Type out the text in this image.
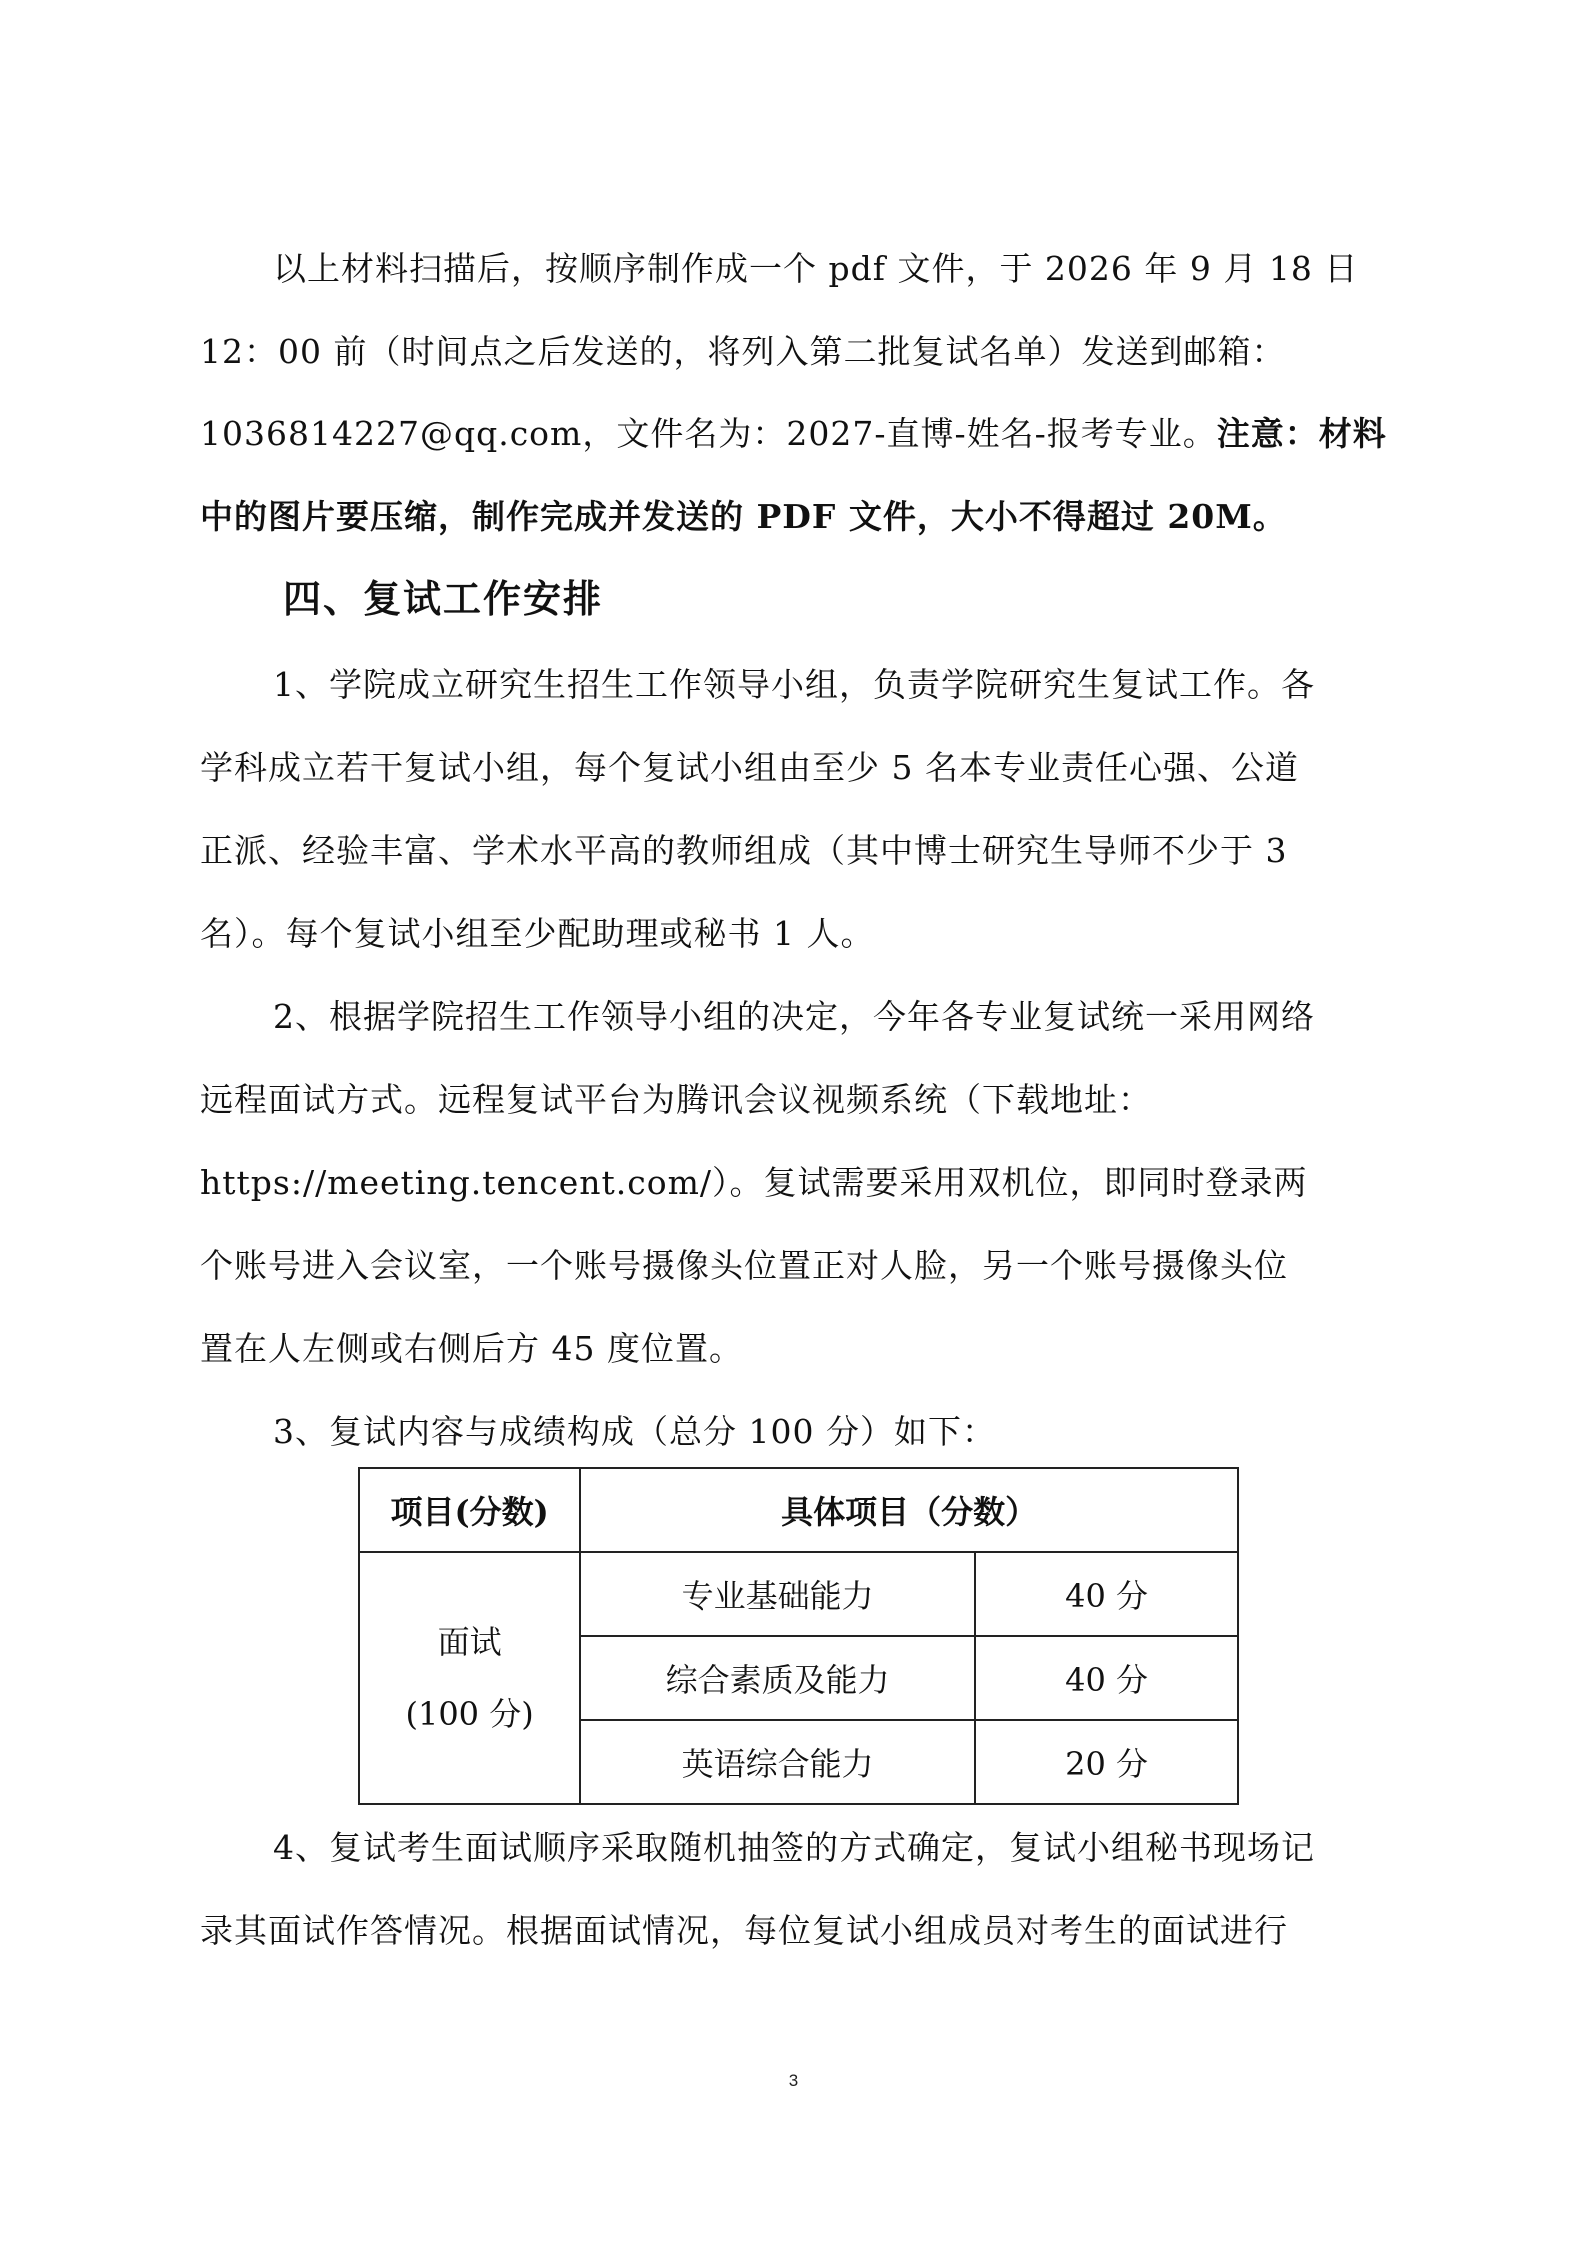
以上材料扫描后，按顺序制作成一个 pdf 文件，于 2026 年 9 月 18 日
12：00 前（时间点之后发送的，将列入第二批复试名单）发送到邮箱：
1036814227@qq.com，文件名为：2027-直博-姓名-报考专业。注意：材料
中的图片要压缩，制作完成并发送的 PDF 文件，大小不得超过 20M。
四、复试工作安排
1、学院成立研究生招生工作领导小组，负责学院研究生复试工作。各
学科成立若干复试小组，每个复试小组由至少 5 名本专业责任心强、公道
正派、经验丰富、学术水平高的教师组成（其中博士研究生导师不少于 3
名）。每个复试小组至少配助理或秘书 1 人。
2、根据学院招生工作领导小组的决定，今年各专业复试统一采用网络
远程面试方式。远程复试平台为腾讯会议视频系统（下载地址：
https://meeting.tencent.com/）。复试需要采用双机位，即同时登录两
个账号进入会议室，一个账号摄像头位置正对人脸，另一个账号摄像头位
置在人左侧或右侧后方 45 度位置。
3、复试内容与成绩构成（总分 100 分）如下：
项目(分数)	具体项目（分数）	

面试
(100 分)	专业基础能力	40 分
	综合素质及能力	40 分
	英语综合能力	20 分
4、复试考生面试顺序采取随机抽签的方式确定，复试小组秘书现场记
录其面试作答情况。根据面试情况，每位复试小组成员对考生的面试进行
3
